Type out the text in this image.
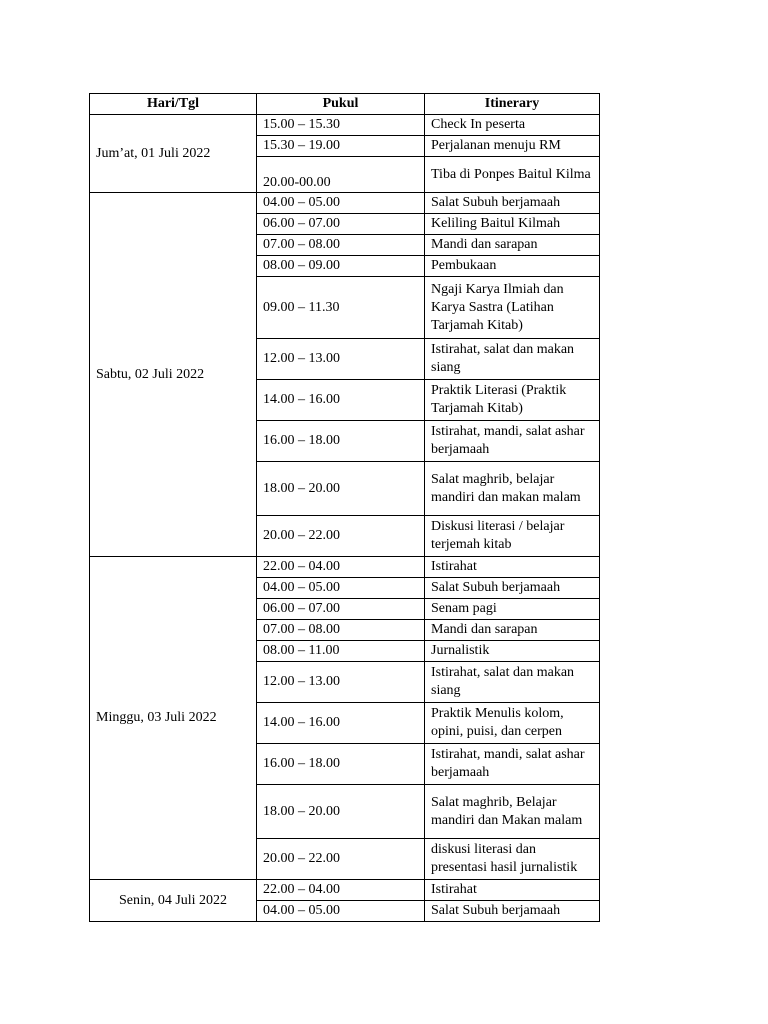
Hari/Tgl	Pukul	Itinerary
Jum’at, 01 Juli 2022	15.00 – 15.30	Check In peserta
	15.30 – 19.00	Perjalanan menuju RM
	20.00-00.00	Tiba di Ponpes Baitul Kilma
Sabtu, 02 Juli 2022	04.00 – 05.00	Salat Subuh berjamaah
	06.00 – 07.00	Keliling Baitul Kilmah
	07.00 – 08.00	Mandi dan sarapan
	08.00 – 09.00	Pembukaan
	09.00 – 11.30	Ngaji Karya Ilmiah dan Karya Sastra (Latihan Tarjamah Kitab)
	12.00 – 13.00	Istirahat, salat dan makan siang
	14.00 – 16.00	Praktik Literasi (Praktik Tarjamah Kitab)
	16.00 – 18.00	Istirahat, mandi, salat ashar berjamaah
	18.00 – 20.00	Salat maghrib, belajar mandiri dan makan malam
	20.00 – 22.00	Diskusi literasi / belajar terjemah kitab
Minggu, 03 Juli 2022	22.00 – 04.00	Istirahat
	04.00 – 05.00	Salat Subuh berjamaah
	06.00 – 07.00	Senam pagi
	07.00 – 08.00	Mandi dan sarapan
	08.00 – 11.00	Jurnalistik
	12.00 – 13.00	Istirahat, salat dan makan siang
	14.00 – 16.00	Praktik Menulis kolom, opini, puisi, dan cerpen
	16.00 – 18.00	Istirahat, mandi, salat ashar berjamaah
	18.00 – 20.00	Salat maghrib, Belajar mandiri dan Makan malam
	20.00 – 22.00	diskusi literasi dan presentasi hasil jurnalistik
Senin, 04 Juli 2022	22.00 – 04.00	Istirahat
	04.00 – 05.00	Salat Subuh berjamaah
